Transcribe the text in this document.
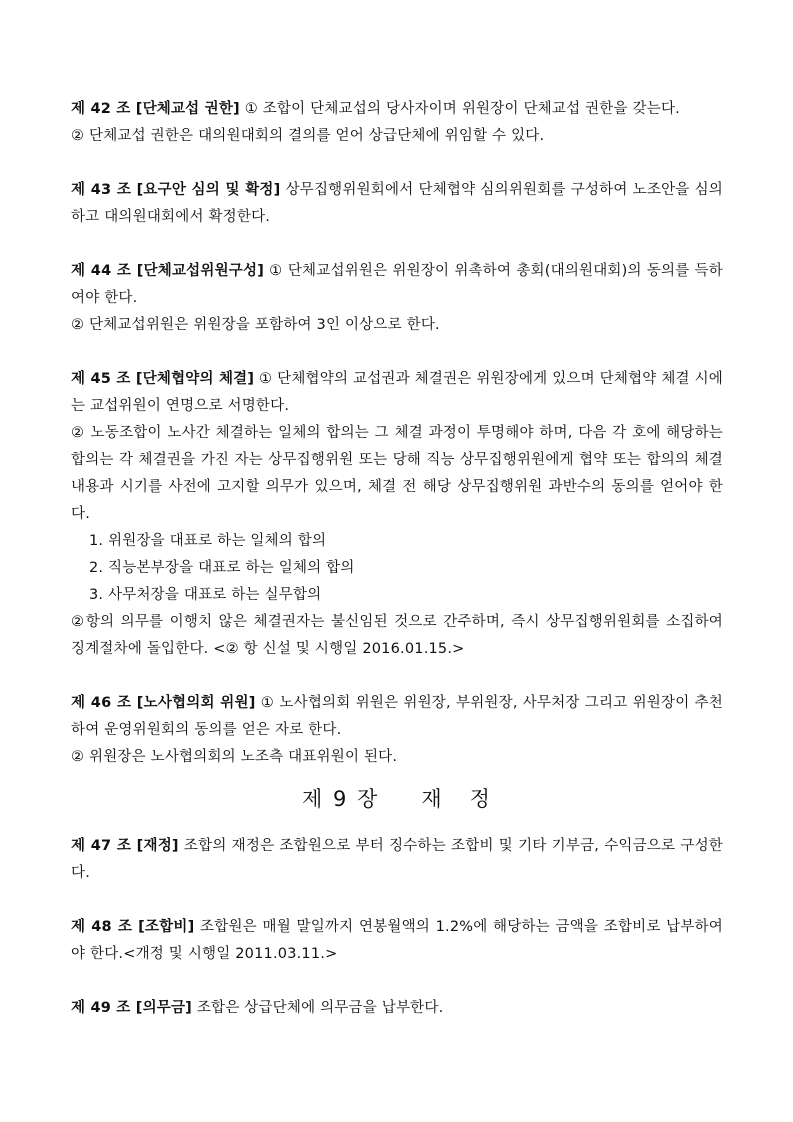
제 42 조 [단체교섭 권한] ① 조합이 단체교섭의 당사자이며 위원장이 단체교섭 권한을 갖는다.

② 단체교섭 권한은 대의원대회의 결의를 얻어 상급단체에 위임할 수 있다.

제 43 조 [요구안 심의 및 확정] 상무집행위원회에서 단체협약 심의위원회를 구성하여 노조안을 심의하고 대의원대회에서 확정한다.

제 44 조 [단체교섭위원구성] ① 단체교섭위원은 위원장이 위촉하여 총회(대의원대회)의 동의를 득하여야 한다.

② 단체교섭위원은 위원장을 포함하여 3인 이상으로 한다.

제 45 조 [단체협약의 체결] ① 단체협약의 교섭권과 체결권은 위원장에게 있으며 단체협약 체결 시에는 교섭위원이 연명으로 서명한다.

② 노동조합이 노사간 체결하는 일체의 합의는 그 체결 과정이 투명해야 하며, 다음 각 호에 해당하는 합의는 각 체결권을 가진 자는 상무집행위원 또는 당해 직능 상무집행위원에게 협약 또는 합의의 체결 내용과 시기를 사전에 고지할 의무가 있으며, 체결 전 해당 상무집행위원 과반수의 동의를 얻어야 한다.

1. 위원장을 대표로 하는 일체의 합의

2. 직능본부장을 대표로 하는 일체의 합의

3. 사무처장을 대표로 하는 실무합의

②항의 의무를 이행치 않은 체결권자는 불신임된 것으로 간주하며, 즉시 상무집행위원회를 소집하여 징계절차에 돌입한다. <② 항 신설 및 시행일 2016.01.15.>

제 46 조 [노사협의회 위원] ① 노사협의회 위원은 위원장, 부위원장, 사무처장 그리고 위원장이 추천하여 운영위원회의 동의를 얻은 자로 한다.

② 위원장은 노사협의회의 노조측 대표위원이 된다.

제 9 장 재 정

제 47 조 [재정] 조합의 재정은 조합원으로 부터 징수하는 조합비 및 기타 기부금, 수익금으로 구성한다.

제 48 조 [조합비] 조합원은 매월 말일까지 연봉월액의 1.2%에 해당하는 금액을 조합비로 납부하여야 한다.<개정 및 시행일 2011.03.11.>

제 49 조 [의무금] 조합은 상급단체에 의무금을 납부한다.
